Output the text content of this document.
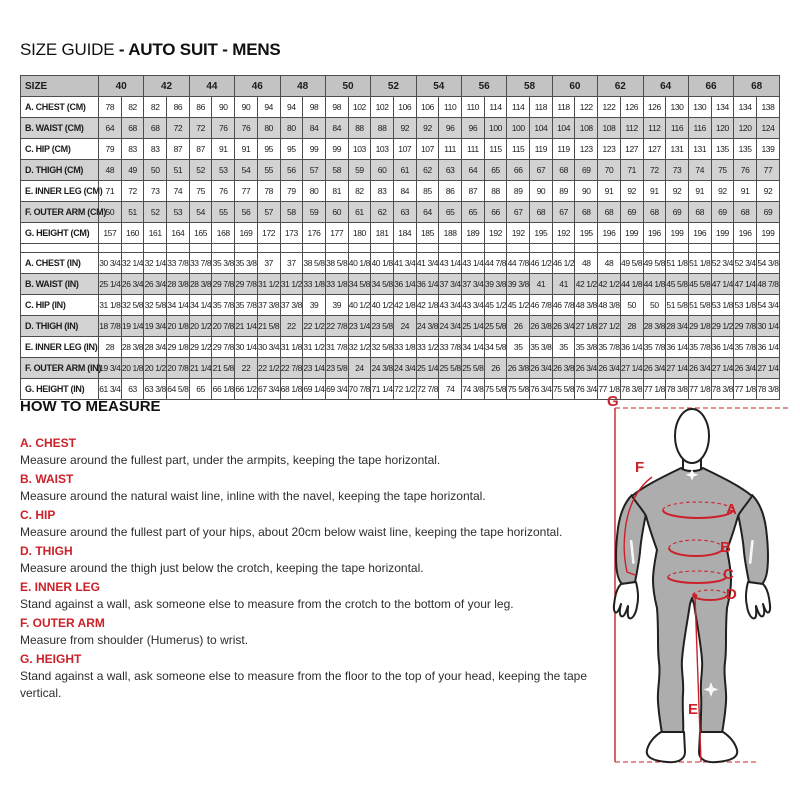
SIZE GUIDE - AUTO SUIT - MENS
SIZE	40		42		44		46		48		50		52		54		56		58		60		62		64		66		68	
A. CHEST (CM)	78	82	82	86	86	90	90	94	94	98	98	102	102	106	106	110	110	114	114	118	118	122	122	126	126	130	130	134	134	138
B. WAIST (CM)	64	68	68	72	72	76	76	80	80	84	84	88	88	92	92	96	96	100	100	104	104	108	108	112	112	116	116	120	120	124
C. HIP (CM)	79	83	83	87	87	91	91	95	95	99	99	103	103	107	107	111	111	115	115	119	119	123	123	127	127	131	131	135	135	139
D. THIGH (CM)	48	49	50	51	52	53	54	55	56	57	58	59	60	61	62	63	64	65	66	67	68	69	70	71	72	73	74	75	76	77
E. INNER LEG (CM)	71	72	73	74	75	76	77	78	79	80	81	82	83	84	85	86	87	88	89	90	89	90	91	92	91	92	91	92	91	92
F. OUTER ARM (CM)	50	51	52	53	54	55	56	57	58	59	60	61	62	63	64	65	65	66	67	68	67	68	68	69	68	69	68	69	68	69
G. HEIGHT (CM)	157	160	161	164	165	168	169	172	173	176	177	180	181	184	185	188	189	192	192	195	192	195	196	199	196	199	196	199	196	199

A. CHEST (IN)	30 3/4	32 1/4	32 1/4	33 7/8	33 7/8	35 3/8	35 3/8	37	37	38 5/8	38 5/8	40 1/8	40 1/8	41 3/4	41 3/4	43 1/4	43 1/4	44 7/8	44 7/8	46 1/2	46 1/2	48	48	49 5/8	49 5/8	51 1/8	51 1/8	52 3/4	52 3/4	54 3/8
B. WAIST (IN)	25 1/4	26 3/4	26 3/4	28 3/8	28 3/8	29 7/8	29 7/8	31 1/2	31 1/2	33 1/8	33 1/8	34 5/8	34 5/8	36 1/4	36 1/4	37 3/4	37 3/4	39 3/8	39 3/8	41	41	42 1/2	42 1/2	44 1/8	44 1/8	45 5/8	45 5/8	47 1/4	47 1/4	48 7/8
C. HIP (IN)	31 1/8	32 5/8	32 5/8	34 1/4	34 1/4	35 7/8	35 7/8	37 3/8	37 3/8	39	39	40 1/2	40 1/2	42 1/8	42 1/8	43 3/4	43 3/4	45 1/2	45 1/2	46 7/8	46 7/8	48 3/8	48 3/8	50	50	51 5/8	51 5/8	53 1/8	53 1/8	54 3/4
D. THIGH (IN)	18 7/8	19 1/4	19 3/4	20 1/8	20 1/2	20 7/8	21 1/4	21 5/8	22	22 1/2	22 7/8	23 1/4	23 5/8	24	24 3/8	24 3/4	25 1/4	25 5/8	26	26 3/8	26 3/4	27 1/8	27 1/2	28	28 3/8	28 3/4	29 1/8	29 1/2	29 7/8	30 1/4
E. INNER LEG (IN)	28	28 3/8	28 3/4	29 1/8	29 1/2	29 7/8	30 1/4	30 3/4	31 1/8	31 1/2	31 7/8	32 1/2	32 5/8	33 1/8	33 1/2	33 7/8	34 1/4	34 5/8	35	35 3/8	35	35 3/8	35 7/8	36 1/4	35 7/8	36 1/4	35 7/8	36 1/4	35 7/8	36 1/4
F. OUTER ARM (IN)	19 3/4	20 1/8	20 1/2	20 7/8	21 1/4	21 5/8	22	22 1/2	22 7/8	23 1/4	23 5/8	24	24 3/8	24 3/4	25 1/4	25 5/8	25 5/8	26	26 3/8	26 3/4	26 3/8	26 3/4	26 3/4	27 1/4	26 3/4	27 1/4	26 3/4	27 1/4	26 3/4	27 1/4
G. HEIGHT (IN)	61 3/4	63	63 3/8	64 5/8	65	66 1/8	66 1/2	67 3/4	68 1/8	69 1/4	69 3/4	70 7/8	71 1/4	72 1/2	72 7/8	74	74 3/8	75 5/8	75 5/8	76 3/4	75 5/8	76 3/4	77 1/8	78 3/8	77 1/8	78 3/8	77 1/8	78 3/8	77 1/8	78 3/8
HOW TO MEASURE
A. CHEST
Measure around the fullest part, under the armpits, keeping the tape horizontal.
B. WAIST
Measure around the natural waist line, inline with the navel, keeping the tape horizontal.
C. HIP
Measure around the fullest part of your hips, about 20cm below waist line, keeping the tape horizontal.
D. THIGH
Measure around the thigh just below the crotch, keeping the tape horizontal.
E. INNER LEG
Stand against a wall, ask someone else to measure from the crotch to the bottom of your leg.
F. OUTER ARM
Measure from shoulder (Humerus) to wrist.
G. HEIGHT
Stand against a wall, ask someone else to measure from the floor to the top of your head, keeping the tape vertical.
G
F
A
B
C
D
E
